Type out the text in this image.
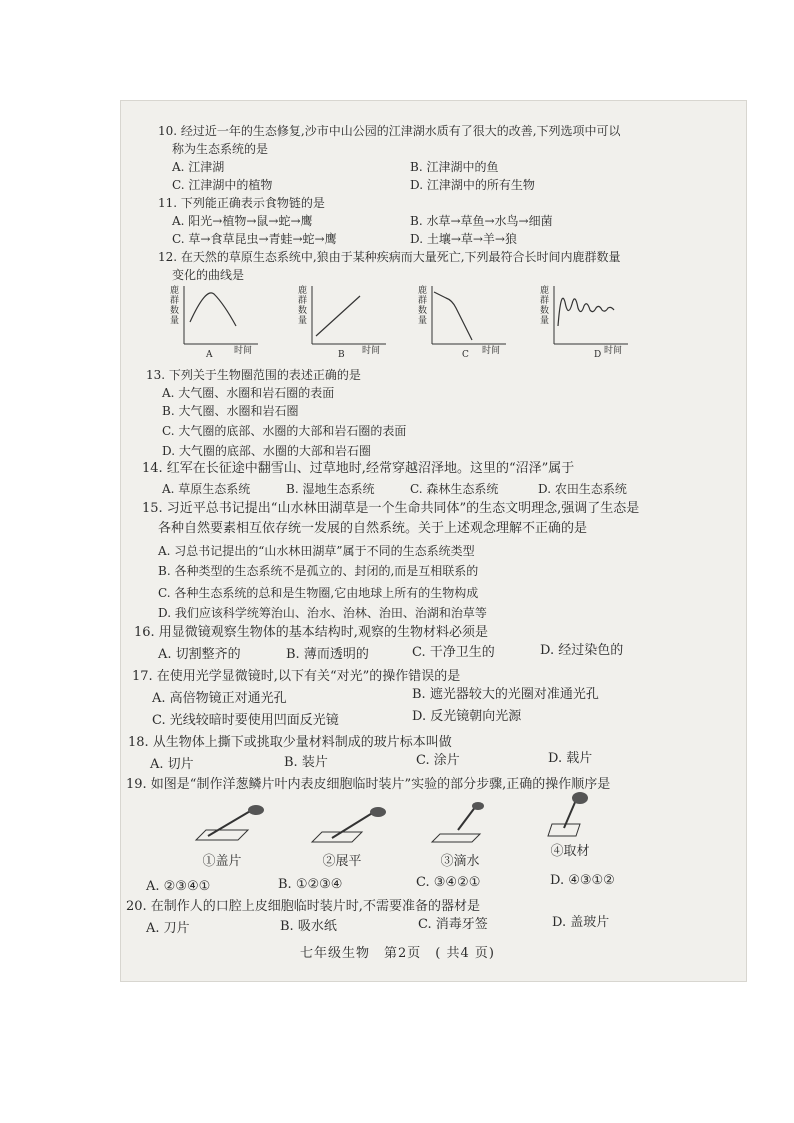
10. 经过近一年的生态修复,沙市中山公园的江津湖水质有了很大的改善,下列选项中可以
称为生态系统的是
A. 江津湖	B. 江津湖中的鱼
C. 江津湖中的植物	D. 江津湖中的所有生物
11. 下列能正确表示食物链的是
A. 阳光→植物→鼠→蛇→鹰	B. 水草→草鱼→水鸟→细菌
C. 草→食草昆虫→青蛙→蛇→鹰	D. 土壤→草→羊→狼
12. 在天然的草原生态系统中,狼由于某种疾病而大量死亡,下列最符合长时间内鹿群数量
变化的曲线是
鹿群数量
时间
A
鹿群数量
时间
B
鹿群数量
时间
C
鹿群数量
时间
D
13. 下列关于生物圈范围的表述正确的是
A. 大气圈、水圈和岩石圈的表面
B. 大气圈、水圈和岩石圈
C. 大气圈的底部、水圈的大部和岩石圈的表面
D. 大气圈的底部、水圈的大部和岩石圈
14. 红军在长征途中翻雪山、过草地时,经常穿越沼泽地。这里的“沼泽”属于
A. 草原生态系统	B. 湿地生态系统	C. 森林生态系统	D. 农田生态系统
15. 习近平总书记提出“山水林田湖草是一个生命共同体”的生态文明理念,强调了生态是
各种自然要素相互依存统一发展的自然系统。关于上述观念理解不正确的是
A. 习总书记提出的“山水林田湖草”属于不同的生态系统类型
B. 各种类型的生态系统不是孤立的、封闭的,而是互相联系的
C. 各种生态系统的总和是生物圈,它由地球上所有的生物构成
D. 我们应该科学统筹治山、治水、治林、治田、治湖和治草等
16. 用显微镜观察生物体的基本结构时,观察的生物材料必须是
A. 切割整齐的	B. 薄而透明的	C. 干净卫生的	D. 经过染色的
17. 在使用光学显微镜时,以下有关“对光”的操作错误的是
A. 高倍物镜正对通光孔	B. 遮光器较大的光圈对准通光孔
C. 光线较暗时要使用凹面反光镜	D. 反光镜朝向光源
18. 从生物体上撕下或挑取少量材料制成的玻片标本叫做
A. 切片	B. 装片	C. 涂片	D. 载片
19. 如图是“制作洋葱鳞片叶内表皮细胞临时装片”实验的部分步骤,正确的操作顺序是
①盖片	②展平	③滴水
④取材
A. ②③④①	B. ①②③④	C. ③④②①	D. ④③①②
20. 在制作人的口腔上皮细胞临时装片时,不需要准备的器材是
A. 刀片	B. 吸水纸	C. 消毒牙签	D. 盖玻片
七年级生物　第2页　( 共4 页)
